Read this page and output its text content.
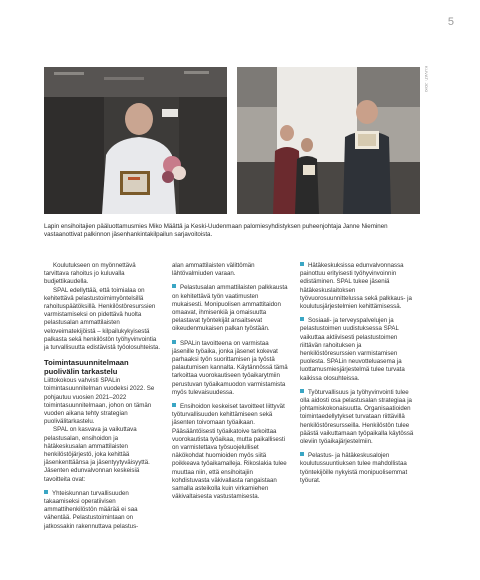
5
KUVAT: JOKI
Lapin ensihoitajien pääluottamusmies Miko Määttä ja Keski-Uudenmaan palomiesyhdistyksen puheenjohtaja Janne Nieminen vastaanottivat palkinnon jäsenhankintakilpailun sarjavoitoista.

Koulutukseen on myönnettävä tarvittava rahoitus jo kuluvalla budjettikaudella.

SPAL edellyttää, että toimialaa on kehitettävä pelastustoimimyöntelsillä rahoituspäätöksillä. Henkilöstöresurssien varmistamiseksi on pidettävä huolta pelastusalan ammattilaisten veloveimatekijöistä – kilpailukykyisestä palkasta sekä henkilöstön työhyvinvointia ja turvallisuutta edistävistä työolosuhteista.

Toimintasuunnitelmaan puolivälin tarkastelu

Liittokokous vahvisti SPALin toimintasuunnitelman vuodeksi 2022. Se pohjautuu vuosien 2021–2022 toimintasuunnitelmaan, johon on tämän vuoden aikana tehty strategian puolivälitarkastelu.

SPAL on kasvava ja vaikuttava pelastusalan, ensihoidon ja hätäkeskusalan ammattilaisten henkilöstöjärjestö, joka kehittää jäsenkenttäänsa ja jäsentyytyväisyyttä. Jäsenten edunvalvonnan keskeisiä tavoitteita ovat:

Yhteiskunnan turvallisuuden takaamiseksi operatiivisen ammattihenkilöstön määrää ei saa vähentää. Pelastustoimintaan on jatkossakin rakennuttava pelastus-

alan ammattilaisten välittömän lähtövalmiuden varaan.

Pelastusalan ammattilaisten palkkausta on kehitettävä työn vaatimusten mukaisesti. Monipuolisen ammattitaidon omaavat, ihmisenkiä ja omaisuutta pelastavat työntekijät ansaitsevat oikeudenmukaisen palkan työstään.
SPALin tavoitteena on varmistaa jäsenille työaika, jonka jäsenet kokevat parhaaksi työn suorittamisen ja työstä palautumisen kannalta. Käytännössä tämä tarkoittaa vuorokautiseen työaikarytmiin perustuvan työaikamuodon varmistamista myös tulevaisuudessa.
Ensihoidon keskeiset tavoitteet liittyvät työturvallisuuden kehittämiseen sekä jäsenten toivomaan työaikaan. Pääsääntöisesti työaikatoive tarkoittaa vuorokautista työaikaa, mutta paikallisesti on varmistettava työsuojelulliset näkökohdat huomioiden myös siitä poikkeava työaikamalleja. Rikoslakia tulee muuttaa niin, että ensihoitajiin kohdistuvasta väkivallasta rangaistaan samalla asteikolla kuin virkamiehen väkivaltaisesta vastustamisesta.
Hätäkeskuksissa edunvalvonnassa painottuu erityisesti työhyvinvoinnin edistäminen. SPAL tukee jäseniä hätäkeskuslaitoksen työvuorosuunnittelussa sekä palkkaus- ja koulutusjärjestelmien kehittämisessä.
Sosiaali- ja terveyspalvelujen ja pelastustoimen uudistuksessa SPAL vaikuttaa aktiivisesti pelastustoimen riittävän rahoituksen ja henkilöstöresurssien varmistamisen puolesta. SPALin neuvotteluasema ja luottamusmiesjärjestelmä tulee turvata kaikissa olosuhteissa.
Työturvallisuus ja työhyvinvointi tulee olla aidosti osa pelastusalan strategiaa ja johtamiskokonaisuutta. Organisaatioiden toimintaedellytykset turvataan riittävillä henkilöstöresursseilla. Henkilöstön tulee päästä vaikuttamaan työpaikalla käytössä oleviin työaikajärjestelmiin.
Pelastus- ja hätäkeskusalojen koulutussuuntiuksen tulee mahdollistaa työntekijöille nykyistä monipuolisemmat työurat.
